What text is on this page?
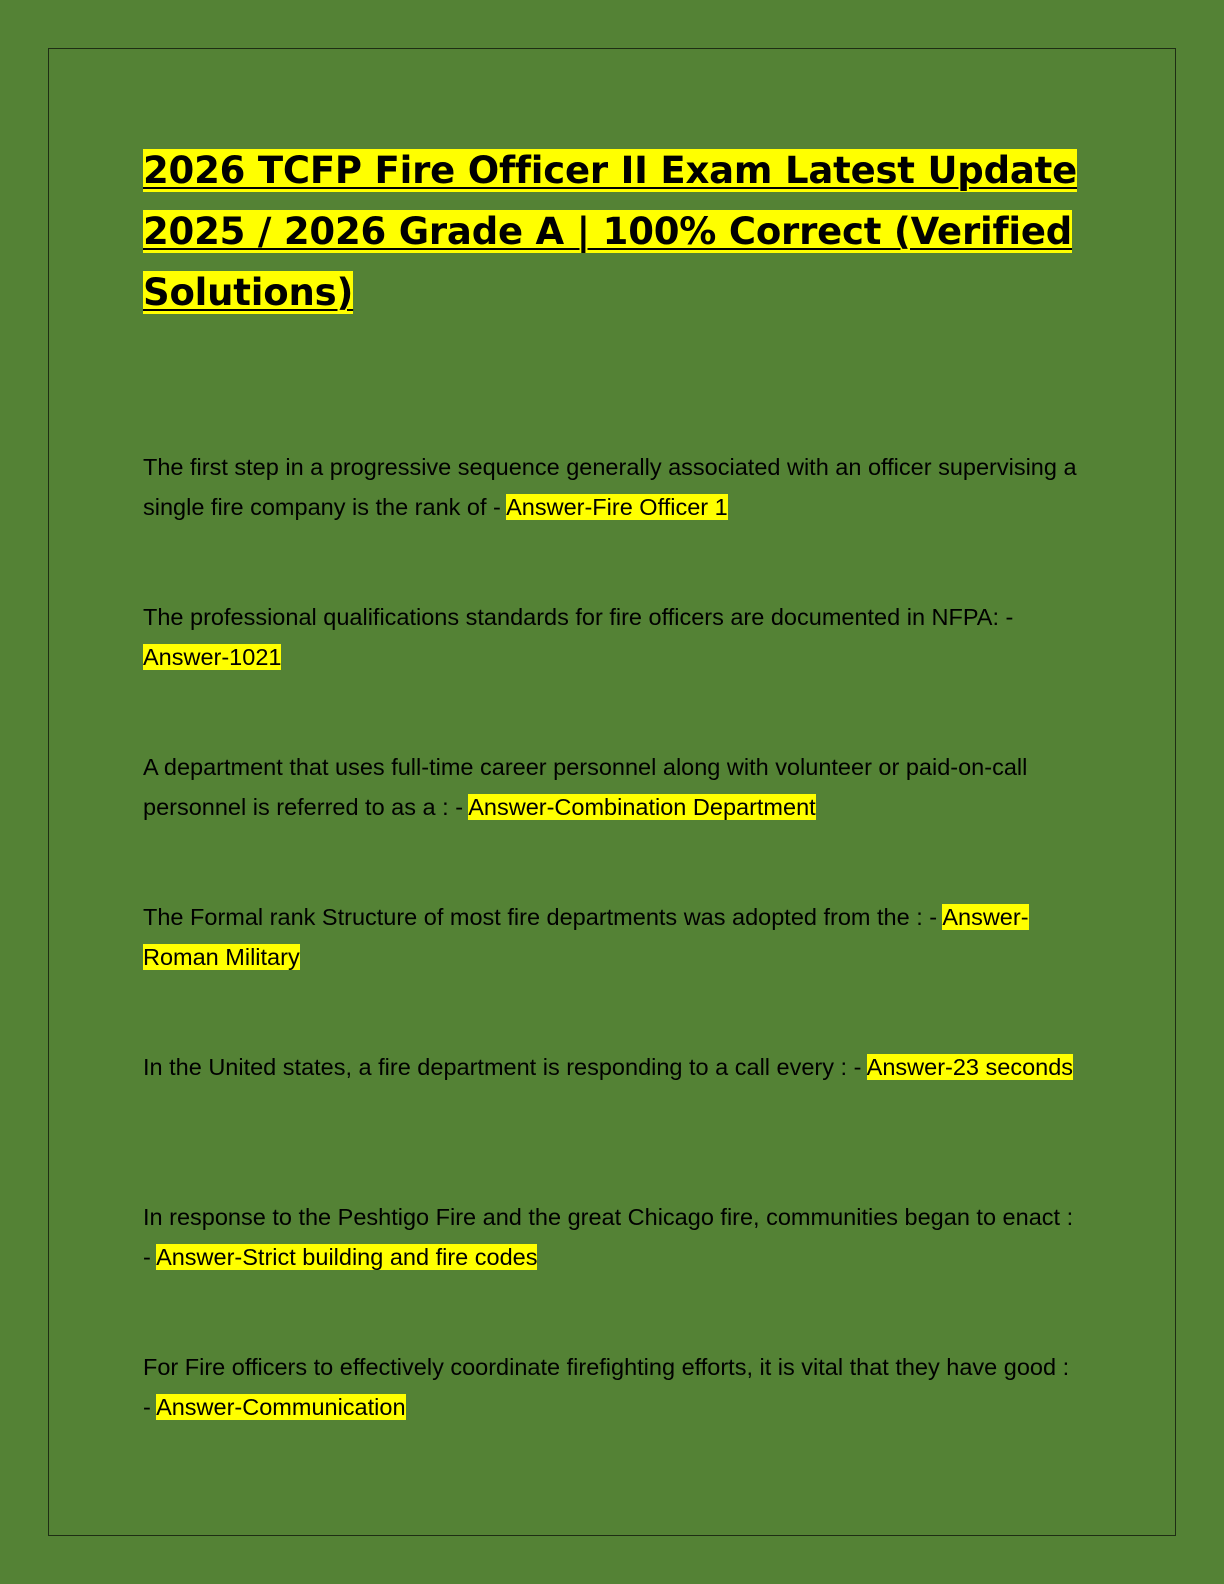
2026 TCFP Fire Officer II Exam Latest Update 2025 / 2026 Grade A | 100% Correct (Verified Solutions)

The first step in a progressive sequence generally associated with an officer supervising a single fire company is the rank of - Answer-Fire Officer 1

The professional qualifications standards for fire officers are documented in NFPA: - Answer-1021

A department that uses full-time career personnel along with volunteer or paid-on-call personnel is referred to as a : - Answer-Combination Department

The Formal rank Structure of most fire departments was adopted from the : - Answer-Roman Military

In the United states, a fire department is responding to a call every : - Answer-23 seconds

In response to the Peshtigo Fire and the great Chicago fire, communities began to enact : - Answer-Strict building and fire codes

For Fire officers to effectively coordinate firefighting efforts, it is vital that they have good : - Answer-Communication
